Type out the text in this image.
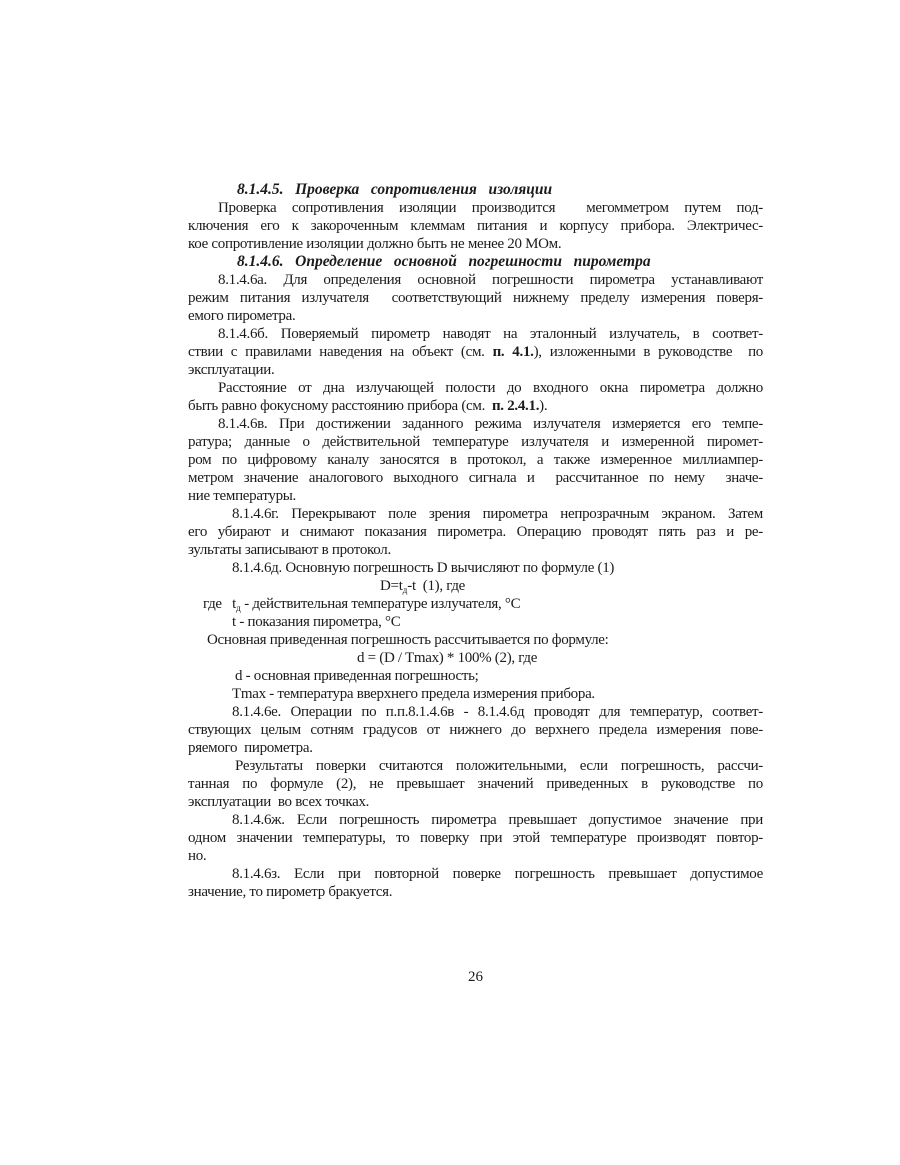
8.1.4.5. Проверка сопротивления изоляции
Проверка сопротивления изоляции производится  мегомметром путем под-
ключения его к закороченным клеммам питания и корпусу прибора. Электричес-
кое сопротивление изоляции должно быть не менее 20 МОм.
8.1.4.6. Определение основной погрешности пирометра
8.1.4.6а. Для определения основной погрешности пирометра устанавливают
режим питания излучателя  соответствующий нижнему пределу измерения поверя-
емого пирометра.
8.1.4.6б. Поверяемый пирометр наводят на эталонный излучатель, в соответ-
ствии с правилами наведения на объект (см. п. 4.1.), изложенными в руководстве  по
эксплуатации.
Расстояние от дна излучающей полости до входного окна пирометра должно
быть равно фокусному расстоянию прибора (см.  п. 2.4.1.).
8.1.4.6в. При достижении заданного режима излучателя измеряется его темпе-
ратура; данные о действительной температуре излучателя и измеренной пиромет-
ром по цифровому каналу заносятся в протокол, а также измеренное миллиампер-
метром значение аналогового выходного сигнала и  рассчитанное по нему  значе-
ние температуры.
8.1.4.6г. Перекрывают поле зрения пирометра непрозрачным экраном. Затем
его убирают и снимают показания пирометра. Операцию проводят пять раз и ре-
зультаты записывают в протокол.
8.1.4.6д. Основную погрешность D вычисляют по формуле (1)
$D=t_д-t$  (1), где
где   $t_д$ - действительная температуре излучателя, °С
t - показания пирометра, °С
Основная приведенная погрешность рассчитывается по формуле:
d = (D / Tmax) * 100% (2), где
d - основная приведенная погрешность;
Tmax - температура вверхнего предела измерения прибора.
8.1.4.6е. Операции по п.п.8.1.4.6в - 8.1.4.6д проводят для температур, соответ-
ствующих целым сотням градусов от нижнего до верхнего предела измерения пове-
ряемого  пирометра.
Результаты поверки считаются положительными, если погрешность, рассчи-
танная по формуле (2), не превышает значений приведенных в руководстве по
эксплуатации  во всех точках.
8.1.4.6ж. Если погрешность пирометра превышает допустимое значение при
одном значении температуры, то поверку при этой температуре производят повтор-
но.
8.1.4.6з. Если при повторной поверке погрешность превышает допустимое
значение, то пирометр бракуется.
26
